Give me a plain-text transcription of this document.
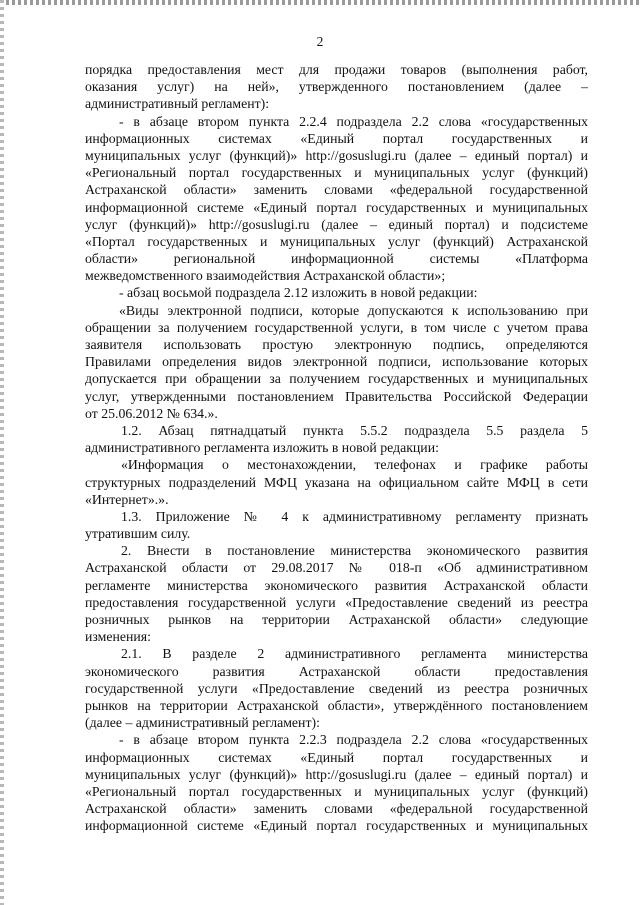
2
порядка предоставления мест для продажи товаров (выполнения работ,
оказания услуг) на ней», утвержденного постановлением (далее –
административный регламент):
- в абзаце втором пункта 2.2.4 подраздела 2.2 слова «государственных
информационных системах «Единый портал государственных и
муниципальных услуг (функций)» http://gosuslugi.ru (далее – единый портал) и
«Региональный портал государственных и муниципальных услуг (функций)
Астраханской области» заменить словами «федеральной государственной
информационной системе «Единый портал государственных и муниципальных
услуг (функций)» http://gosuslugi.ru (далее – единый портал) и подсистеме
«Портал государственных и муниципальных услуг (функций) Астраханской
области» региональной информационной системы «Платформа
межведомственного взаимодействия Астраханской области»;
- абзац восьмой подраздела 2.12 изложить в новой редакции:
«Виды электронной подписи, которые допускаются к использованию при
обращении за получением государственной услуги, в том числе с учетом права
заявителя использовать простую электронную подпись, определяются
Правилами определения видов электронной подписи, использование которых
допускается при обращении за получением государственных и муниципальных
услуг, утвержденными постановлением Правительства Российской Федерации
от 25.06.2012 № 634.».
1.2. Абзац пятнадцатый пункта 5.5.2 подраздела 5.5 раздела 5
административного регламента изложить в новой редакции:
«Информация о местонахождении, телефонах и графике работы
структурных подразделений МФЦ указана на официальном сайте МФЦ в сети
«Интернет».».
1.3. Приложение № 4 к административному регламенту признать
утратившим силу.
2. Внести в постановление министерства экономического развития
Астраханской области от 29.08.2017 № 018-п «Об административном
регламенте министерства экономического развития Астраханской области
предоставления государственной услуги «Предоставление сведений из реестра
розничных рынков на территории Астраханской области» следующие
изменения:
2.1. В разделе 2 административного регламента министерства
экономического развития Астраханской области предоставления
государственной услуги «Предоставление сведений из реестра розничных
рынков на территории Астраханской области», утверждённого постановлением
(далее – административный регламент):
- в абзаце втором пункта 2.2.3 подраздела 2.2 слова «государственных
информационных системах «Единый портал государственных и
муниципальных услуг (функций)» http://gosuslugi.ru (далее – единый портал) и
«Региональный портал государственных и муниципальных услуг (функций)
Астраханской области» заменить словами «федеральной государственной
информационной системе «Единый портал государственных и муниципальных
